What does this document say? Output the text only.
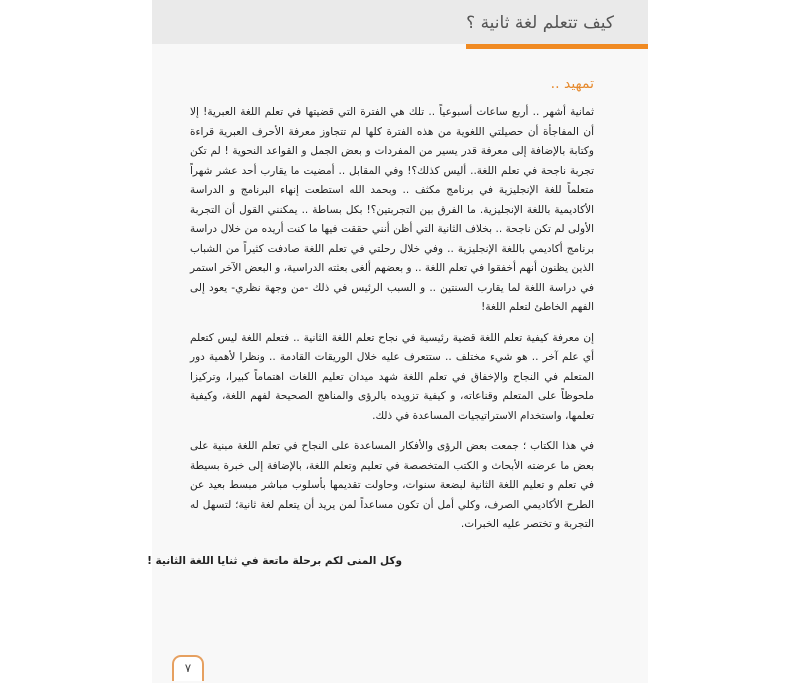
كيف تتعلم لغة ثانية ؟
تمهيد ..

ثمانية أشهر .. أربع ساعات أسبوعياً .. تلك هي الفترة التي قضيتها في تعلم اللغة العبرية! إلا أن المفاجأة أن حصيلتي اللغوية من هذه الفترة كلها لم تتجاوز معرفة الأحرف العبرية قراءة وكتابة بالإضافة إلى معرفة قدر يسير من المفردات و بعض الجمل و القواعد النحوية ! لم تكن تجربة ناجحة في تعلم اللغة.. أليس كذلك؟! وفي المقابل .. أمضيت ما يقارب أحد عشر شهراً متعلماً للغة الإنجليزية في برنامج مكثف .. وبحمد الله استطعت إنهاء البرنامج و الدراسة الأكاديمية باللغة الإنجليزية. ما الفرق بين التجربتين؟! بكل بساطة .. يمكنني القول أن التجربة الأولى لم تكن ناجحة .. بخلاف الثانية التي أظن أنني حققت فيها ما كنت أريده من خلال دراسة برنامج أكاديمي باللغة الإنجليزية .. وفي خلال رحلتي في تعلم اللغة صادفت كثيراً من الشباب الذين يظنون أنهم أخفقوا في تعلم اللغة .. و بعضهم ألغى بعثته الدراسية، و البعض الآخر استمر في دراسة اللغة لما يقارب السنتين .. و السبب الرئيس في ذلك -من وجهة نظري- يعود إلى الفهم الخاطئ لتعلم اللغة!

إن معرفة كيفية تعلم اللغة قضية رئيسية في نجاح تعلم اللغة الثانية .. فتعلم اللغة ليس كتعلم أي علم آخر .. هو شيء مختلف .. ستتعرف عليه خلال الوريقات القادمة .. ونظرا لأهمية دور المتعلم في النجاح والإخفاق في تعلم اللغة شهد ميدان تعليم اللغات اهتماماً كبيرا، وتركيزا ملحوظاً على المتعلم وقناعاته، و كيفية تزويده بالرؤى والمناهج الصحيحة لفهم اللغة، وكيفية تعلمها، واستخدام الاستراتيجيات المساعدة في ذلك.

في هذا الكتاب ؛ جمعت بعض الرؤى والأفكار المساعدة على النجاح في تعلم اللغة مبنية على بعض ما عرضته الأبحاث و الكتب المتخصصة في تعليم وتعلم اللغة، بالإضافة إلى خبرة بسيطة في تعلم و تعليم اللغة الثانية لبضعة سنوات، وحاولت تقديمها بأسلوب مباشر مبسط بعيد عن الطرح الأكاديمي الصرف، وكلي أمل أن تكون مساعداً لمن يريد أن يتعلم لغة ثانية؛ لتسهل له التجربة و تختصر عليه الخبرات.

وكل المنى لكم برحلة ماتعة في ثنايا اللغة الثانية !
٧
